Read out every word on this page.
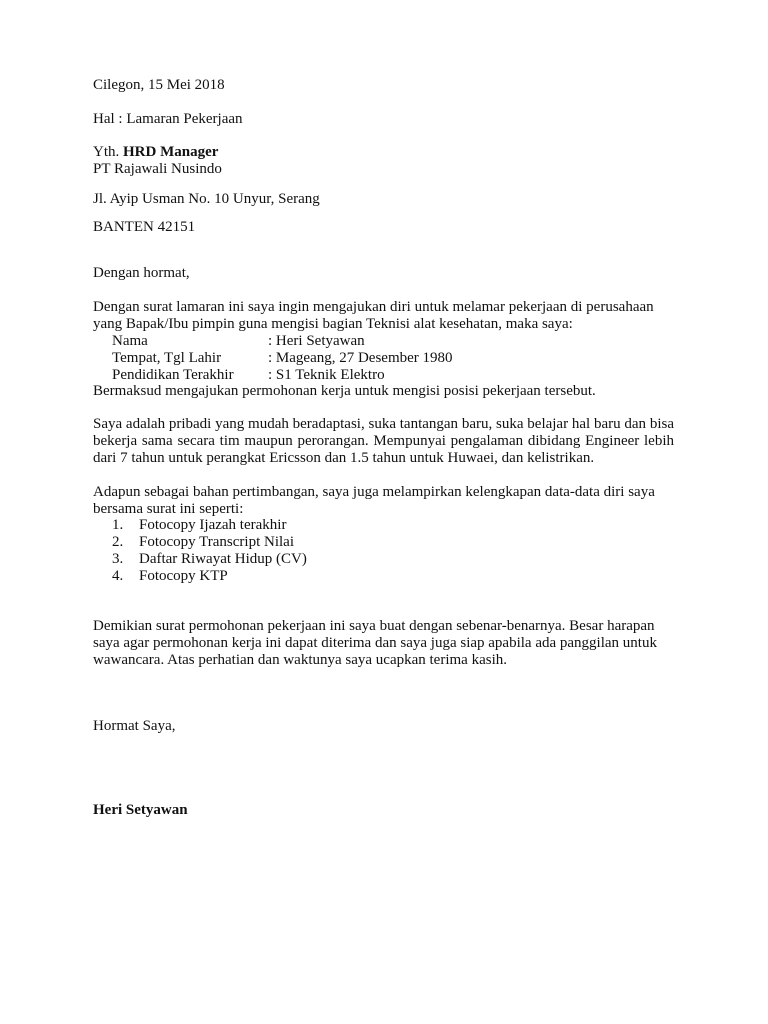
Cilegon, 15 Mei 2018
Hal : Lamaran Pekerjaan
Yth. HRD Manager
PT Rajawali Nusindo
Jl. Ayip Usman No. 10 Unyur, Serang
BANTEN 42151
Dengan hormat,
Dengan surat lamaran ini saya ingin mengajukan diri untuk melamar pekerjaan di perusahaan yang Bapak/Ibu pimpin guna mengisi bagian Teknisi alat kesehatan, maka saya:
Nama	: Heri Setyawan
Tempat, Tgl Lahir	: Mageang, 27 Desember 1980
Pendidikan Terakhir : S1 Teknik Elektro
Bermaksud mengajukan permohonan kerja untuk mengisi posisi pekerjaan tersebut.
Saya adalah pribadi yang mudah beradaptasi, suka tantangan baru, suka belajar hal baru dan bisa bekerja sama secara tim maupun perorangan. Mempunyai pengalaman dibidang Engineer lebih dari 7 tahun untuk perangkat Ericsson dan 1.5 tahun untuk Huwaei, dan kelistrikan.
Adapun sebagai bahan pertimbangan, saya juga melampirkan kelengkapan data-data diri saya bersama surat ini seperti:
1. Fotocopy Ijazah terakhir
2. Fotocopy Transcript Nilai
3. Daftar Riwayat Hidup (CV)
4. Fotocopy KTP
Demikian surat permohonan pekerjaan ini saya buat dengan sebenar-benarnya. Besar harapan saya agar permohonan kerja ini dapat diterima dan saya juga siap apabila ada panggilan untuk wawancara. Atas perhatian dan waktunya saya ucapkan terima kasih.
Hormat Saya,
Heri Setyawan
